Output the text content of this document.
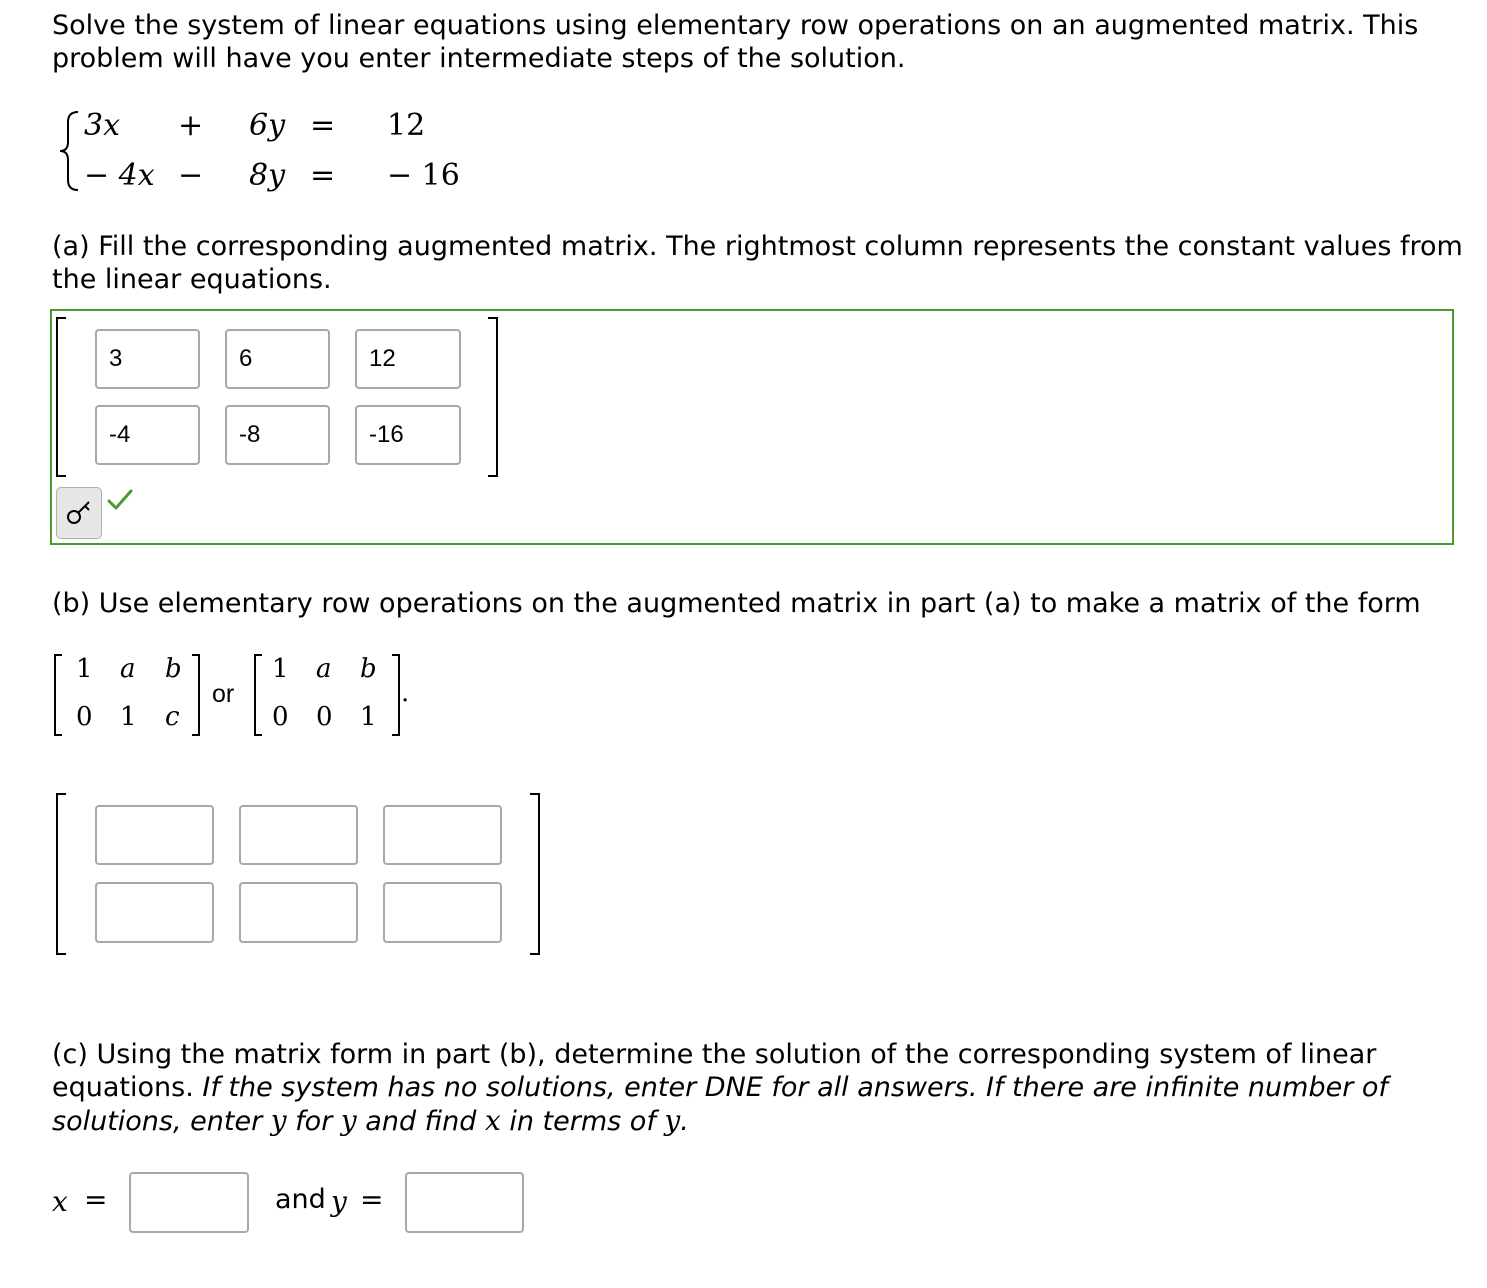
Solve the system of linear equations using elementary row operations on an augmented matrix. This
problem will have you enter intermediate steps of the solution.
3x + 6y = 12
− 4x − 8y = − 16
(a) Fill the corresponding augmented matrix. The rightmost column represents the constant values from
the linear equations.
3
6
12
-4
-8
-16
(b) Use elementary row operations on the augmented matrix in part (a) to make a matrix of the form
1 a b
0 1 c
or
1 a b
0 0 1
.
(c) Using the matrix form in part (b), determine the solution of the corresponding system of linear
equations. If the system has no solutions, enter DNE for all answers. If there are infinite number of
solutions, enter y for y and find x in terms of y.
x =	and y =
